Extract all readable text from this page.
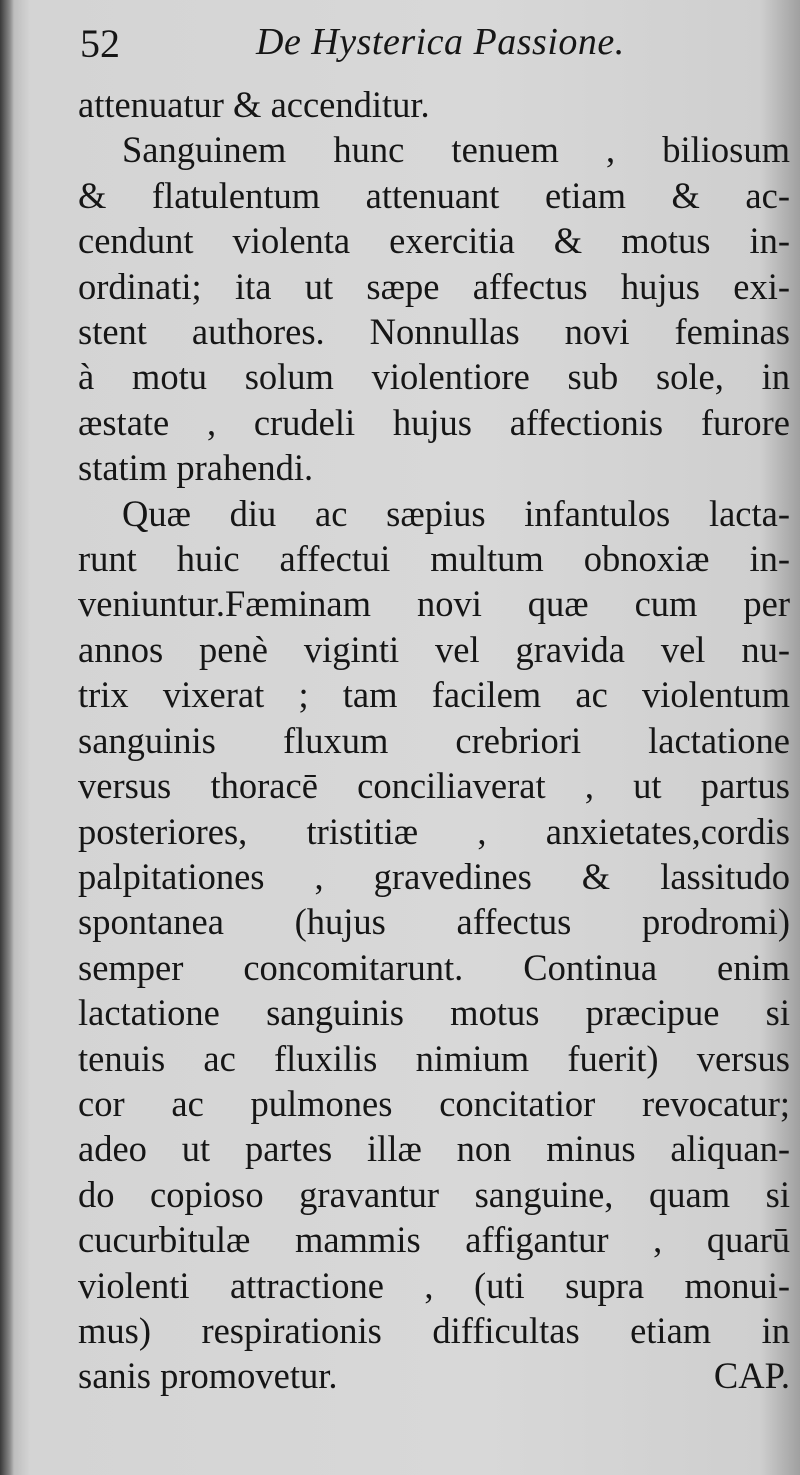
52	De Hysterica Passione.
attenuatur & accenditur.
Sanguinem hunc tenuem , biliosum
& flatulentum attenuant etiam & ac-
cendunt violenta exercitia & motus in-
ordinati; ita ut sæpe affectus hujus exi-
stent authores. Nonnullas novi feminas
à motu solum violentiore sub sole, in
æstate , crudeli hujus affectionis furore
statim prahendi.
Quæ diu ac sæpius infantulos lacta-
runt huic affectui multum obnoxiæ in-
veniuntur.Fæminam novi quæ cum per
annos penè viginti vel gravida vel nu-
trix vixerat ; tam facilem ac violentum
sanguinis fluxum crebriori lactatione
versus thoracē conciliaverat , ut partus
posteriores, tristitiæ , anxietates,cordis
palpitationes , gravedines & lassitudo
spontanea (hujus affectus prodromi)
semper concomitarunt. Continua enim
lactatione sanguinis motus præcipue si
tenuis ac fluxilis nimium fuerit) versus
cor ac pulmones concitatior revocatur;
adeo ut partes illæ non minus aliquan-
do copioso gravantur sanguine, quam si
cucurbitulæ mammis affigantur , quarū
violenti attractione , (uti supra monui-
mus) respirationis difficultas etiam in
sanis promovetur.	CAP.
